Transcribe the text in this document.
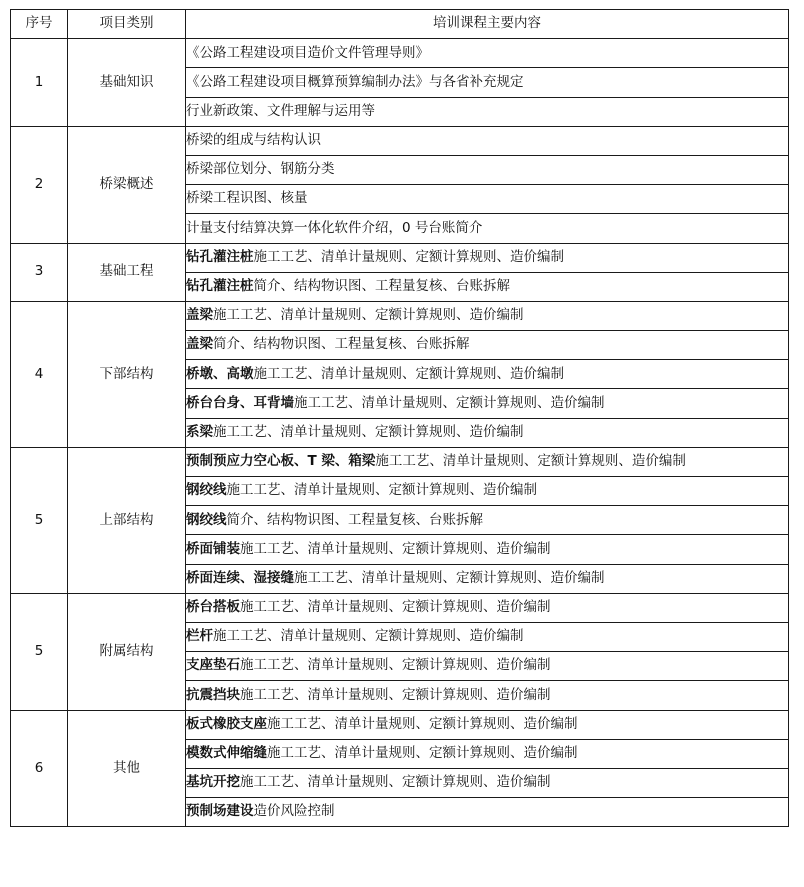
序号	项目类别	培训课程主要内容
1	基础知识	《公路工程建设项目造价文件管理导则》
		《公路工程建设项目概算预算编制办法》与各省补充规定
		行业新政策、文件理解与运用等
2	桥梁概述	桥梁的组成与结构认识
		桥梁部位划分、钢筋分类
		桥梁工程识图、核量
		计量支付结算决算一体化软件介绍，0 号台账简介
3	基础工程	钻孔灌注桩施工工艺、清单计量规则、定额计算规则、造价编制
		钻孔灌注桩简介、结构物识图、工程量复核、台账拆解
4	下部结构	盖梁施工工艺、清单计量规则、定额计算规则、造价编制
		盖梁简介、结构物识图、工程量复核、台账拆解
		桥墩、高墩施工工艺、清单计量规则、定额计算规则、造价编制
		桥台台身、耳背墙施工工艺、清单计量规则、定额计算规则、造价编制
		系梁施工工艺、清单计量规则、定额计算规则、造价编制
5	上部结构	预制预应力空心板、T 梁、箱梁施工工艺、清单计量规则、定额计算规则、造价编制
		钢绞线施工工艺、清单计量规则、定额计算规则、造价编制
		钢绞线简介、结构物识图、工程量复核、台账拆解
		桥面铺装施工工艺、清单计量规则、定额计算规则、造价编制
		桥面连续、湿接缝施工工艺、清单计量规则、定额计算规则、造价编制
5	附属结构	桥台搭板施工工艺、清单计量规则、定额计算规则、造价编制
		栏杆施工工艺、清单计量规则、定额计算规则、造价编制
		支座垫石施工工艺、清单计量规则、定额计算规则、造价编制
		抗震挡块施工工艺、清单计量规则、定额计算规则、造价编制
6	其他	板式橡胶支座施工工艺、清单计量规则、定额计算规则、造价编制
		模数式伸缩缝施工工艺、清单计量规则、定额计算规则、造价编制
		基坑开挖施工工艺、清单计量规则、定额计算规则、造价编制
		预制场建设造价风险控制
